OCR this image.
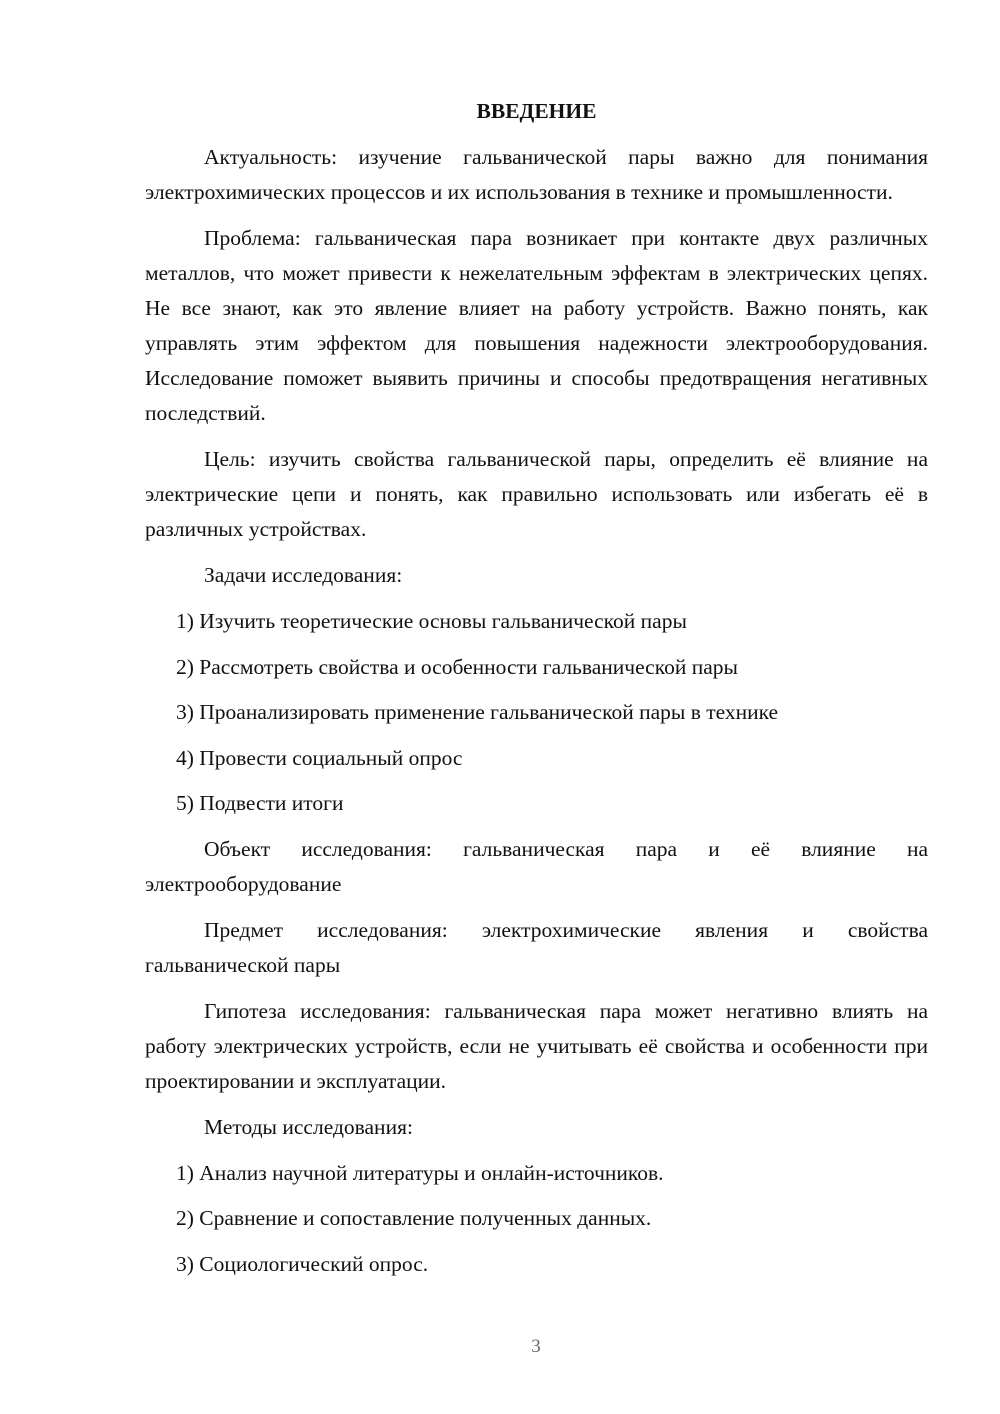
ВВЕДЕНИЕ

Актуальность: изучение гальванической пары важно для понимания электрохимических процессов и их использования в технике и промышленности.

Проблема: гальваническая пара возникает при контакте двух различных металлов, что может привести к нежелательным эффектам в электрических цепях. Не все знают, как это явление влияет на работу устройств. Важно понять, как управлять этим эффектом для повышения надежности электрооборудования. Исследование поможет выявить причины и способы предотвращения негативных последствий.

Цель: изучить свойства гальванической пары, определить её влияние на электрические цепи и понять, как правильно использовать или избегать её в различных устройствах.

Задачи исследования:

1) Изучить теоретические основы гальванической пары
2) Рассмотреть свойства и особенности гальванической пары
3) Проанализировать применение гальванической пары в технике
4) Провести социальный опрос
5) Подвести итоги

Объект исследования: гальваническая пара и её влияние на электрооборудование

Предмет исследования: электрохимические явления и свойства гальванической пары

Гипотеза исследования: гальваническая пара может негативно влиять на работу электрических устройств, если не учитывать её свойства и особенности при проектировании и эксплуатации.

Методы исследования:

1) Анализ научной литературы и онлайн-источников.
2) Сравнение и сопоставление полученных данных.
3) Социологический опрос.
3
